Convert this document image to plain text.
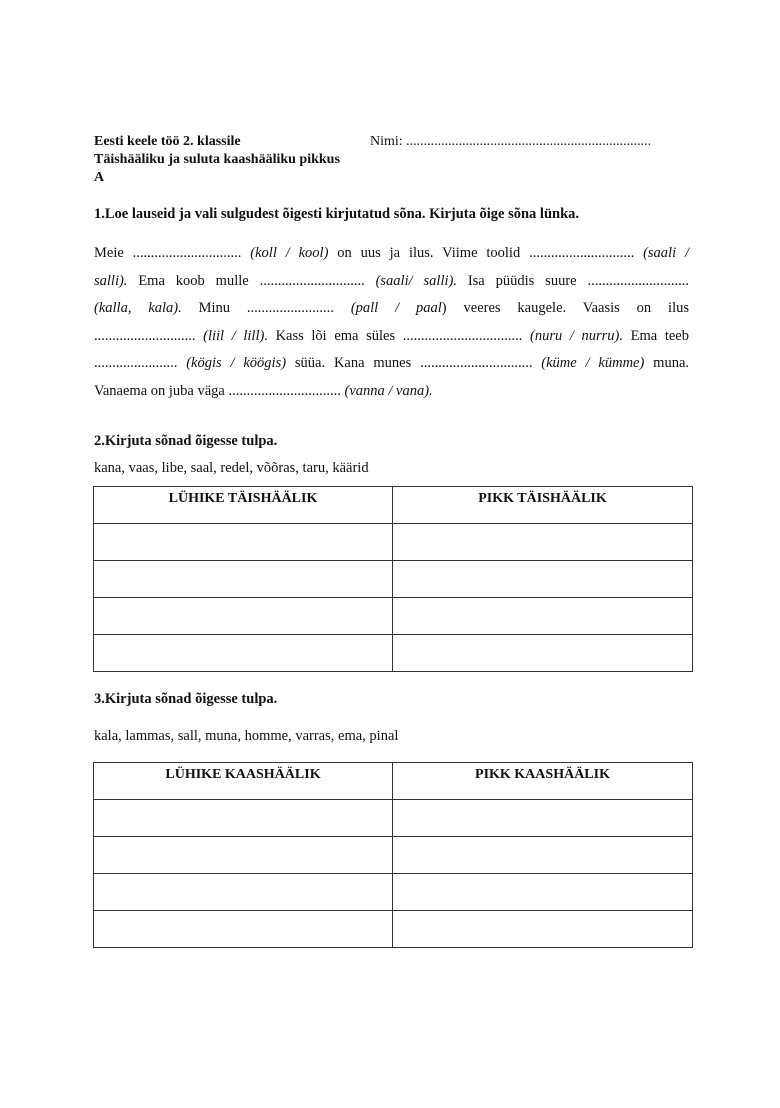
Eesti keele töö 2. klassile	Nimi: ......................................................................
Täishääliku ja suluta kaashääliku pikkus
A
1.Loe lauseid ja vali sulgudest õigesti kirjutatud sõna. Kirjuta õige sõna lünka.
Meie .............................. (koll / kool) on uus ja ilus. Viime toolid ............................. (saali /
salli). Ema koob mulle ............................. (saali/ salli). Isa püüdis suure ............................
(kalla, kala). Minu ........................ (pall / paal) veeres kaugele. Vaasis on ilus
............................ (liil / lill). Kass lõi ema süles ................................. (nuru / nurru). Ema teeb
....................... (kögis / köögis) süüa. Kana munes ............................... (küme / kümme) muna.
Vanaema on juba väga ............................... (vanna / vana).
2.Kirjuta sõnad õigesse tulpa.
kana, vaas, libe, saal, redel, võõras, taru, käärid
LÜHIKE TÄISHÄÄLIK	PIKK TÄISHÄÄLIK

3.Kirjuta sõnad õigesse tulpa.
kala, lammas, sall, muna, homme, varras, ema, pinal
LÜHIKE KAASHÄÄLIK	PIKK KAASHÄÄLIK
